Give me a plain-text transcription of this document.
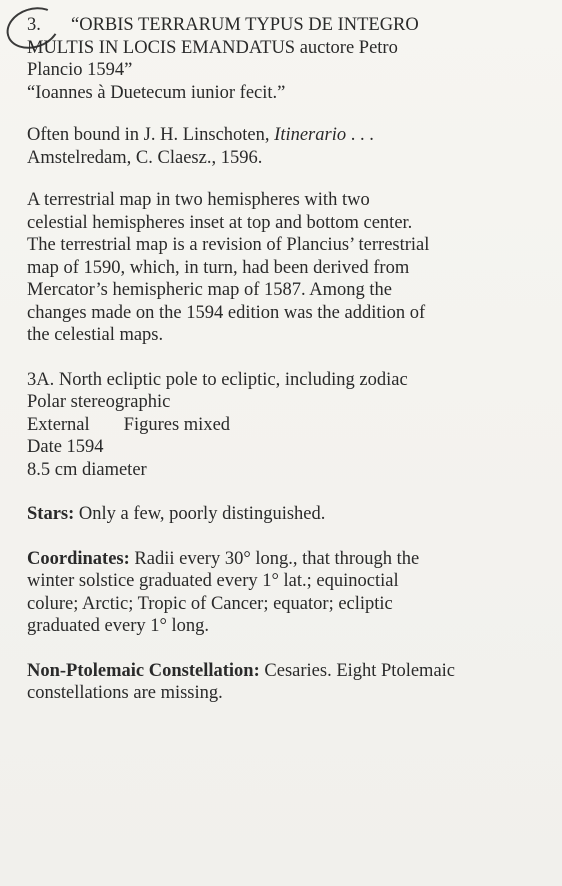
3. “ORBIS TERRARUM TYPUS DE INTEGRO

MULTIS IN LOCIS EMANDATUS auctore Petro

Plancio 1594”

“Ioannes à Duetecum iunior fecit.”

Often bound in J. H. Linschoten, Itinerario . . .

Amstelredam, C. Claesz., 1596.

A terrestrial map in two hemispheres with two

celestial hemispheres inset at top and bottom center.

The terrestrial map is a revision of Plancius’ terrestrial

map of 1590, which, in turn, had been derived from

Mercator’s hemispheric map of 1587. Among the

changes made on the 1594 edition was the addition of

the celestial maps.

3A. North ecliptic pole to ecliptic, including zodiac

Polar stereographic

External Figures mixed

Date 1594

8.5 cm diameter

Stars: Only a few, poorly distinguished.

Coordinates: Radii every 30° long., that through the

winter solstice graduated every 1° lat.; equinoctial

colure; Arctic; Tropic of Cancer; equator; ecliptic

graduated every 1° long.

Non-Ptolemaic Constellation: Cesaries. Eight Ptolemaic

constellations are missing.
